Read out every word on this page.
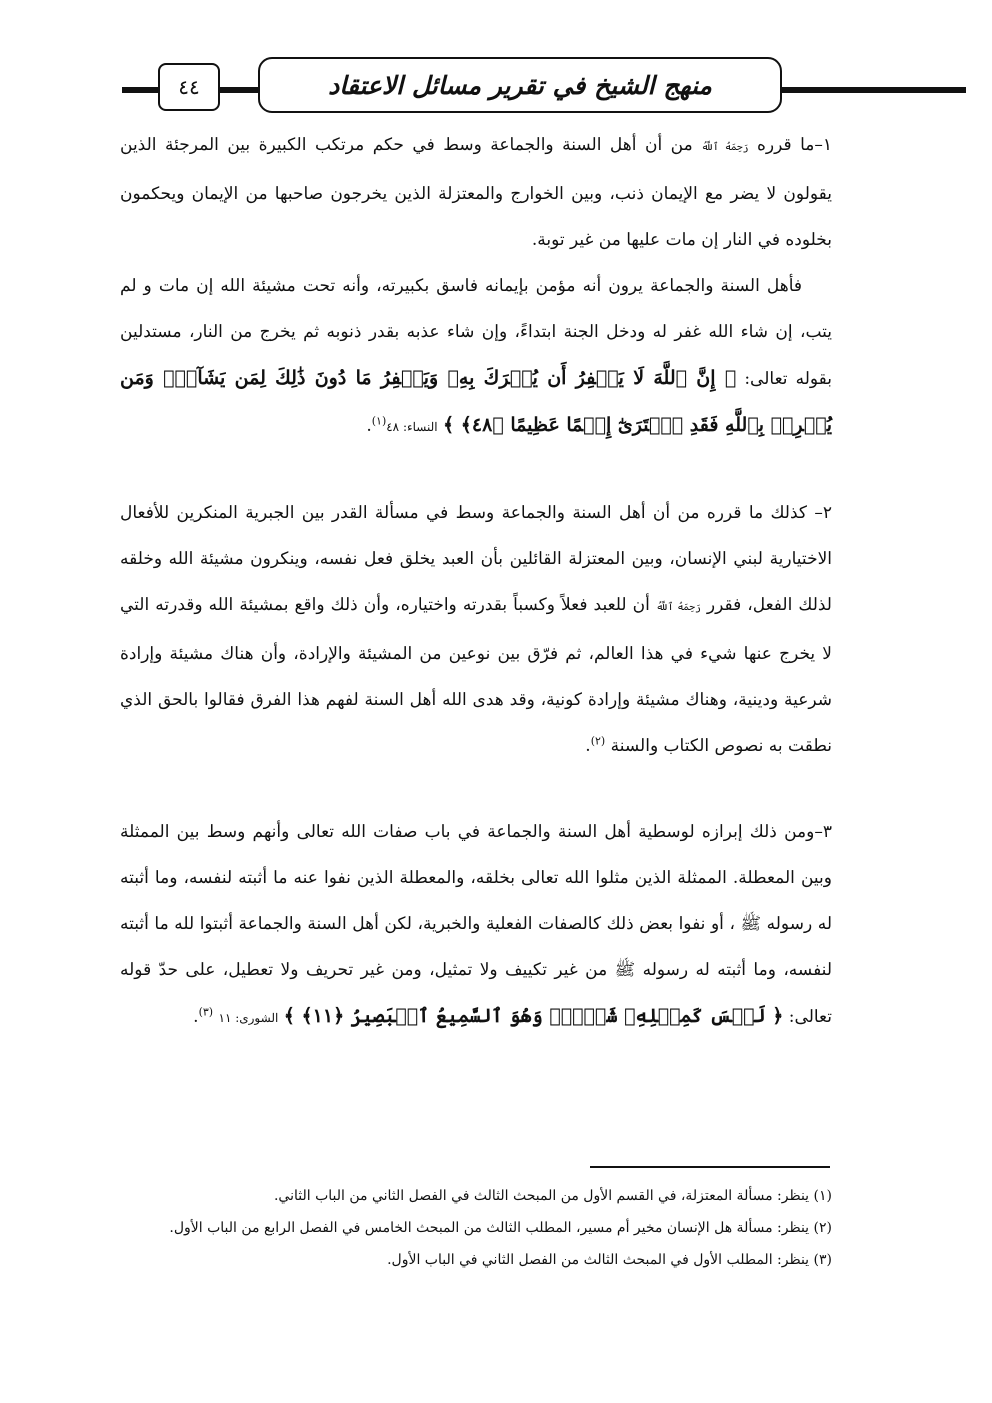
٤٤	منهج الشيخ في تقرير مسائل الاعتقاد

١–ما قرره رَحِمَهُ ٱللَّهُ من أن أهل السنة والجماعة وسط في حكم مرتكب الكبيرة بين المرجئة الذين يقولون لا يضر مع الإيمان ذنب، وبين الخوارج والمعتزلة الذين يخرجون صاحبها من الإيمان ويحكمون بخلوده في النار إن مات عليها من غير توبة.

فأهل السنة والجماعة يرون أنه مؤمن بإيمانه فاسق بكبيرته، وأنه تحت مشيئة الله إن مات و لم يتب، إن شاء الله غفر له ودخل الجنة ابتداءً، وإن شاء عذبه بقدر ذنوبه ثم يخرج من النار، مستدلين بقوله تعالى: ﴿ إِنَّ ٱللَّهَ لَا يَغۡفِرُ أَن يُشۡرَكَ بِهِۦ وَيَغۡفِرُ مَا دُونَ ذَٰلِكَ لِمَن يَشَآءُۚ وَمَن يُشۡرِكۡ بِٱللَّهِ فَقَدِ ٱفۡتَرَىٰٓ إِثۡمًا عَظِيمًا ﴿٤٨﴾ ﴾ النساء: ٤٨$^{(١)}$.

٢– كذلك ما قرره من أن أهل السنة والجماعة وسط في مسألة القدر بين الجبرية المنكرين للأفعال الاختيارية لبني الإنسان، وبين المعتزلة القائلين بأن العبد يخلق فعل نفسه، وينكرون مشيئة الله وخلقه لذلك الفعل، فقرر رَحِمَهُ ٱللَّهُ أن للعبد فعلاً وكسباً بقدرته واختياره، وأن ذلك واقع بمشيئة الله وقدرته التي لا يخرج عنها شيء في هذا العالم، ثم فرّق بين نوعين من المشيئة والإرادة، وأن هناك مشيئة وإرادة شرعية ودينية، وهناك مشيئة وإرادة كونية، وقد هدى الله أهل السنة لفهم هذا الفرق فقالوا بالحق الذي نطقت به نصوص الكتاب والسنة $^{(٢)}$.

٣–ومن ذلك إبرازه لوسطية أهل السنة والجماعة في باب صفات الله تعالى وأنهم وسط بين الممثلة وبين المعطلة. الممثلة الذين مثلوا الله تعالى بخلقه، والمعطلة الذين نفوا عنه ما أثبته لنفسه، وما أثبته له رسوله ﷺ ، أو نفوا بعض ذلك كالصفات الفعلية والخبرية، لكن أهل السنة والجماعة أثبتوا لله ما أثبته لنفسه، وما أثبته له رسوله ﷺ من غير تكييف ولا تمثيل، ومن غير تحريف ولا تعطيل، على حدّ قوله تعالى: ﴿ لَيۡسَ كَمِثۡلِهِۦ شَيۡءٞۖ وَهُوَ ٱلسَّمِيعُ ٱلۡبَصِيرُ ﴿١١﴾ ﴾ الشورى: ١١ $^{(٣)}$.

(١) ينظر: مسألة المعتزلة، في القسم الأول من المبحث الثالث في الفصل الثاني من الباب الثاني.

(٢) ينظر: مسألة هل الإنسان مخير أم مسير، المطلب الثالث من المبحث الخامس في الفصل الرابع من الباب الأول.

(٣) ينظر: المطلب الأول في المبحث الثالث من الفصل الثاني في الباب الأول.
